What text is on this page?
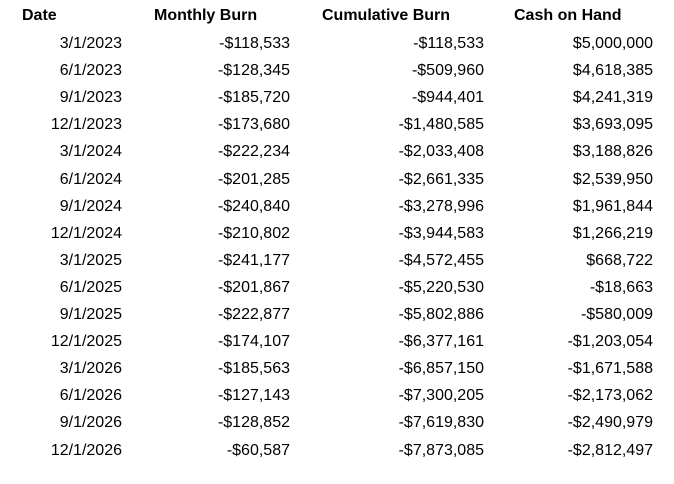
Date	Monthly Burn	Cumulative Burn	Cash on Hand
3/1/2023	-$118,533	-$118,533	$5,000,000
6/1/2023	-$128,345	-$509,960	$4,618,385
9/1/2023	-$185,720	-$944,401	$4,241,319
12/1/2023	-$173,680	-$1,480,585	$3,693,095
3/1/2024	-$222,234	-$2,033,408	$3,188,826
6/1/2024	-$201,285	-$2,661,335	$2,539,950
9/1/2024	-$240,840	-$3,278,996	$1,961,844
12/1/2024	-$210,802	-$3,944,583	$1,266,219
3/1/2025	-$241,177	-$4,572,455	$668,722
6/1/2025	-$201,867	-$5,220,530	-$18,663
9/1/2025	-$222,877	-$5,802,886	-$580,009
12/1/2025	-$174,107	-$6,377,161	-$1,203,054
3/1/2026	-$185,563	-$6,857,150	-$1,671,588
6/1/2026	-$127,143	-$7,300,205	-$2,173,062
9/1/2026	-$128,852	-$7,619,830	-$2,490,979
12/1/2026	-$60,587	-$7,873,085	-$2,812,497
